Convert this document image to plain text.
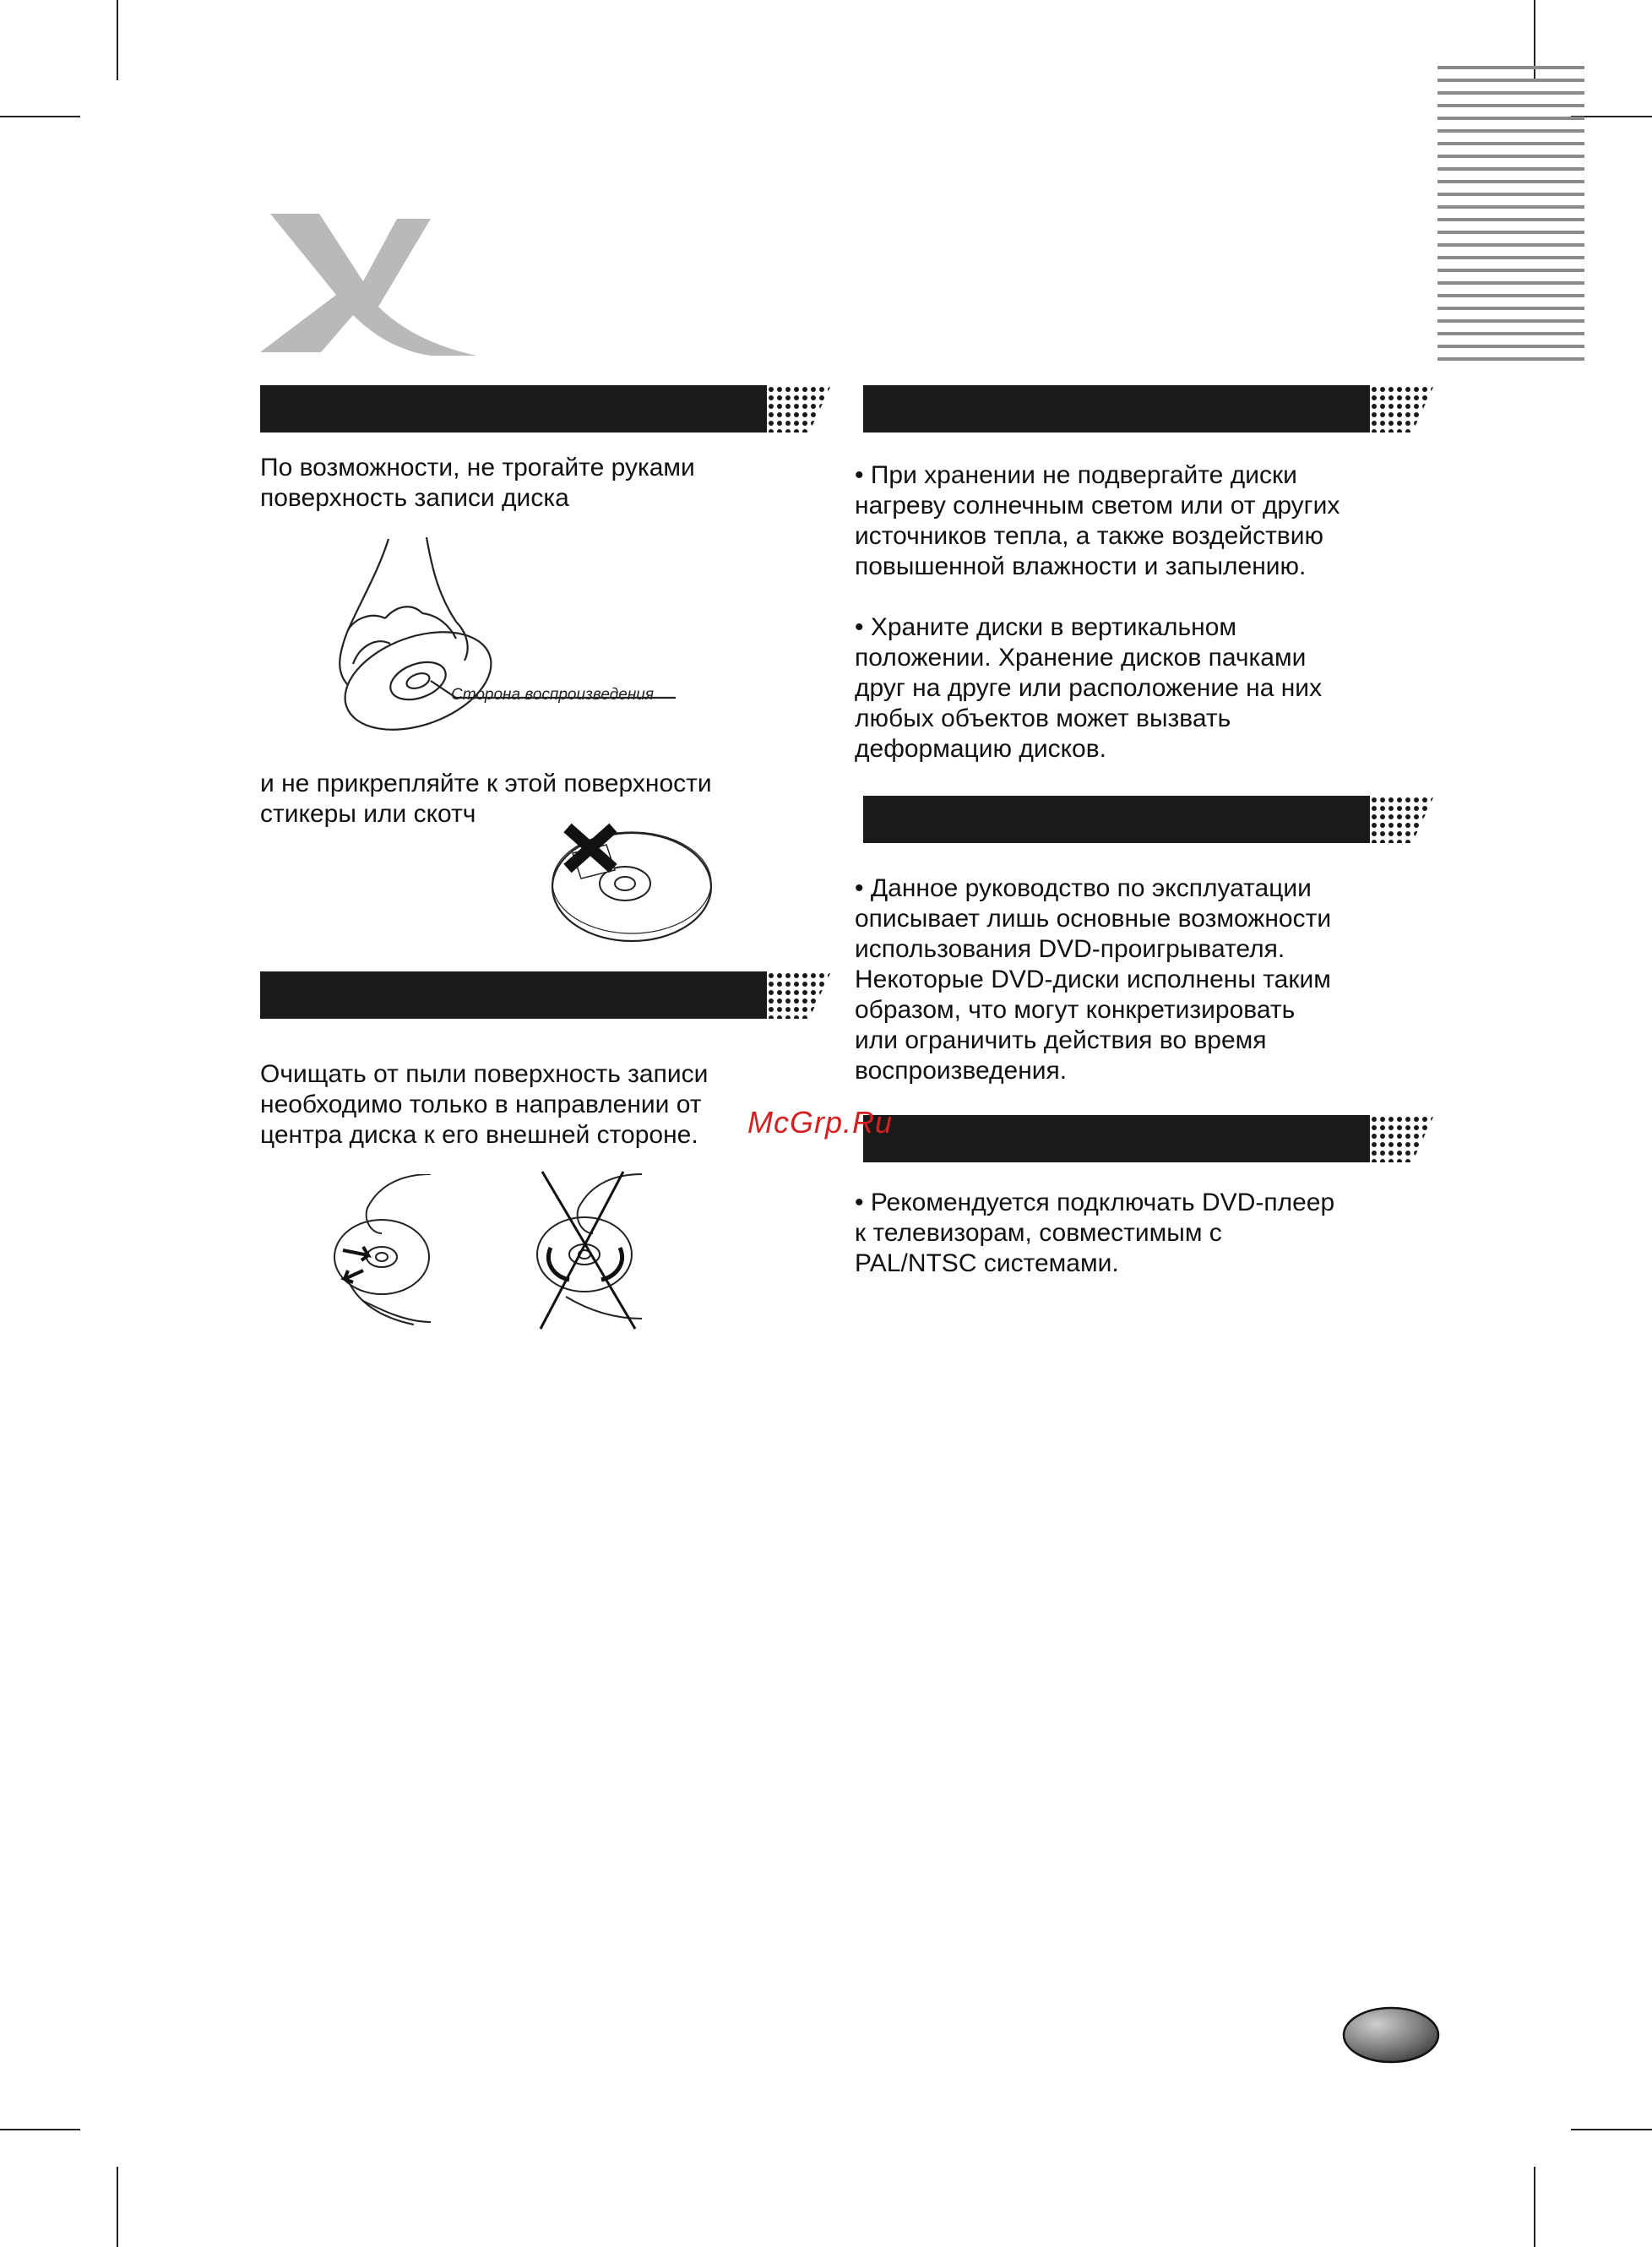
По возможности, не трогайте руками

поверхность записи диска

Сторона воспроизведения

и не прикрепляйте к этой поверхности

стикеры или скотч

Очищать от пыли поверхность записи

необходимо только в направлении от

центра диска к его внешней стороне.

• При хранении не подвергайте диски

нагреву солнечным светом или от других

источников тепла, а также воздействию

повышенной влажности и запылению.

• Храните диски в вертикальном

положении. Хранение дисков пачками

друг на друге или расположение на них

любых объектов может вызвать

деформацию дисков.

• Данное руководство по эксплуатации

описывает лишь основные возможности

использования DVD-проигрывателя.

Некоторые DVD-диски исполнены таким

образом, что могут конкретизировать

или ограничить действия во время

воспроизведения.

• Рекомендуется подключать DVD-плеер

к телевизорам, совместимым с

PAL/NTSC системами.

McGrp.Ru
